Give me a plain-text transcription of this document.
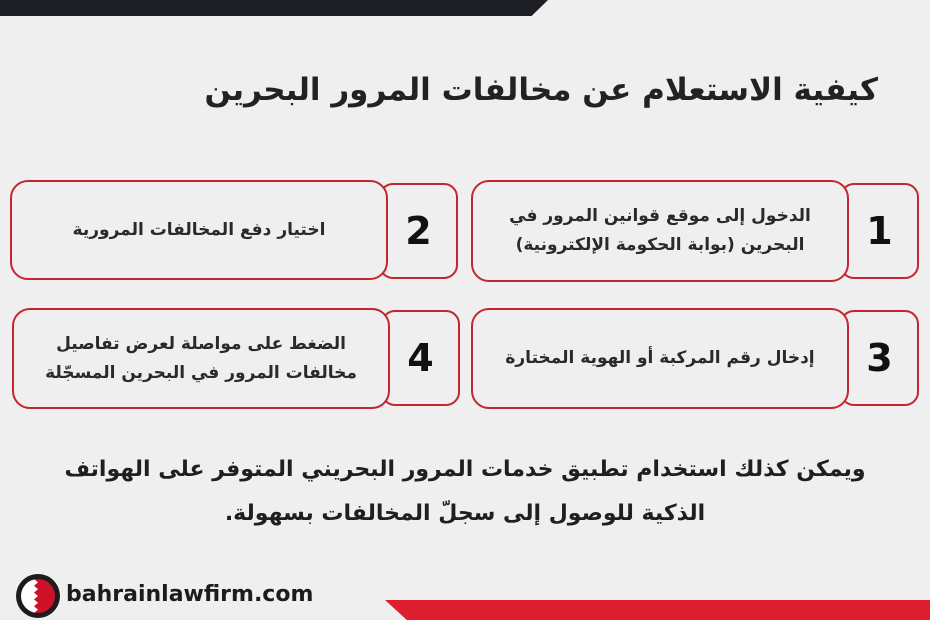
كيفية الاستعلام عن مخالفات المرور البحرين
1
الدخول إلى موقع قوانين المرور في البحرين (بوابة الحكومة الإلكترونية)
2
اختيار دفع المخالفات المرورية
3
إدخال رقم المركبة أو الهوية المختارة
4
الضغط على مواصلة لعرض تفاصيل مخالفات المرور في البحرين المسجّلة
ويمكن كذلك استخدام تطبيق خدمات المرور البحريني المتوفر على الهواتف الذكية للوصول إلى سجلّ المخالفات بسهولة.
bahrainlawfirm.com
